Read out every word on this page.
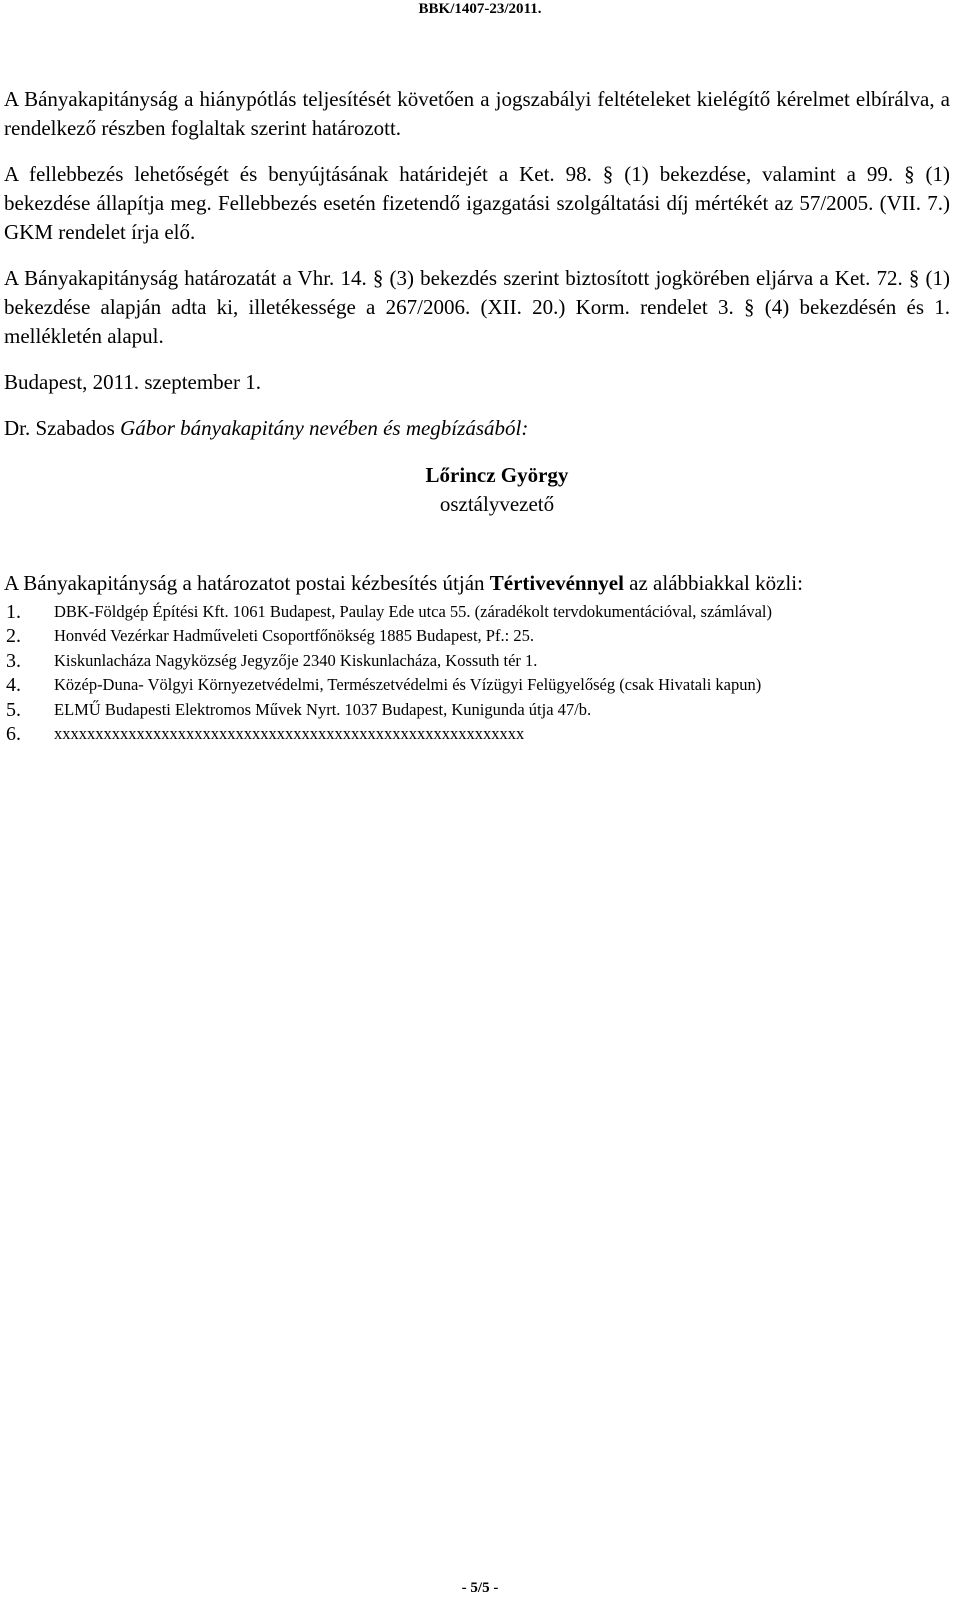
BBK/1407-23/2011.

A Bányakapitányság a hiánypótlás teljesítését követően a jogszabályi feltételeket kielégítő kérelmet elbírálva, a rendelkező részben foglaltak szerint határozott.

A fellebbezés lehetőségét és benyújtásának határidejét a Ket. 98. § (1) bekezdése, valamint a 99. § (1) bekezdése állapítja meg. Fellebbezés esetén fizetendő igazgatási szolgáltatási díj mértékét az 57/2005. (VII. 7.) GKM rendelet írja elő.

A Bányakapitányság határozatát a Vhr. 14. § (3) bekezdés szerint biztosított jogkörében eljárva a Ket. 72. § (1) bekezdése alapján adta ki, illetékessége a 267/2006. (XII. 20.) Korm. rendelet 3. § (4) bekezdésén és 1. mellékletén alapul.

Budapest, 2011. szeptember 1.

Dr. Szabados Gábor bányakapitány nevében és megbízásából:

Lőrincz György
osztályvezető

A Bányakapitányság a határozatot postai kézbesítés útján Tértivevénnyel az alábbiakkal közli:

1.	DBK-Földgép Építési Kft. 1061 Budapest, Paulay Ede utca 55. (záradékolt tervdokumentációval, számlával)
2.	Honvéd Vezérkar Hadműveleti Csoportfőnökség 1885 Budapest, Pf.: 25.
3.	Kiskunlacháza Nagyközség Jegyzője 2340 Kiskunlacháza, Kossuth tér 1.
4.	Közép-Duna- Völgyi Környezetvédelmi, Természetvédelmi és Vízügyi Felügyelőség (csak Hivatali kapun)
5.	ELMŰ Budapesti Elektromos Művek Nyrt. 1037 Budapest, Kunigunda útja 47/b.
6.	xxxxxxxxxxxxxxxxxxxxxxxxxxxxxxxxxxxxxxxxxxxxxxxxxxxxxxxxx
- 5/5 -
